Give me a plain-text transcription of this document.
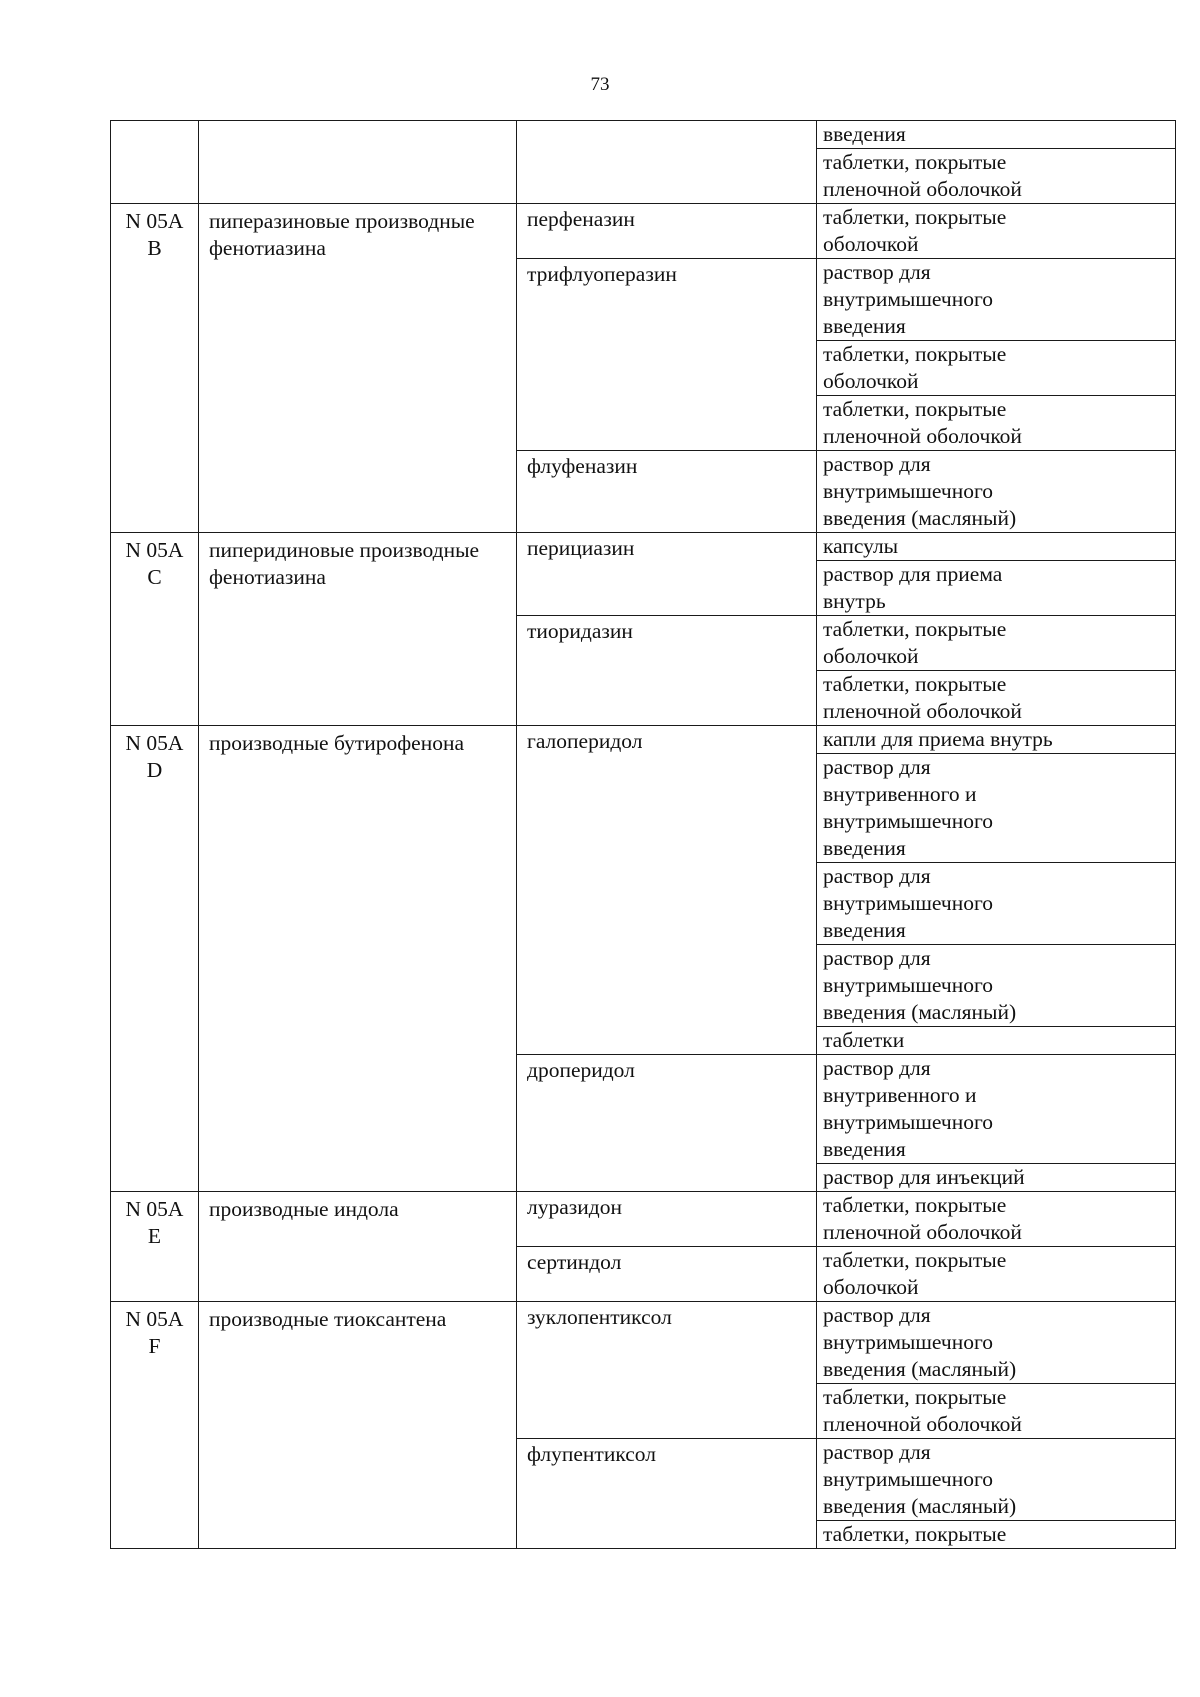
73

			введения

			таблетки, покрытые
пленочной оболочкой

N 05A
B	пиперазиновые производные
фенотиазина	перфеназин	таблетки, покрытые
оболочкой

		трифлуоперазин	раствор для
внутримышечного
введения

			таблетки, покрытые
оболочкой

			таблетки, покрытые
пленочной оболочкой

		флуфеназин	раствор для
внутримышечного
введения (масляный)

N 05A
C	пиперидиновые производные
фенотиазина	перициазин	капсулы

			раствор для приема
внутрь

		тиоридазин	таблетки, покрытые
оболочкой

			таблетки, покрытые
пленочной оболочкой

N 05A
D	производные бутирофенона	галоперидол	капли для приема внутрь

			раствор для
внутривенного и
внутримышечного
введения

			раствор для
внутримышечного
введения

			раствор для
внутримышечного
введения (масляный)

			таблетки

		дроперидол	раствор для
внутривенного и
внутримышечного
введения

			раствор для инъекций

N 05A
E	производные индола	луразидон	таблетки, покрытые
пленочной оболочкой

		сертиндол	таблетки, покрытые
оболочкой

N 05A
F	производные тиоксантена	зуклопентиксол	раствор для
внутримышечного
введения (масляный)

			таблетки, покрытые
пленочной оболочкой

		флупентиксол	раствор для
внутримышечного
введения (масляный)

			таблетки, покрытые
